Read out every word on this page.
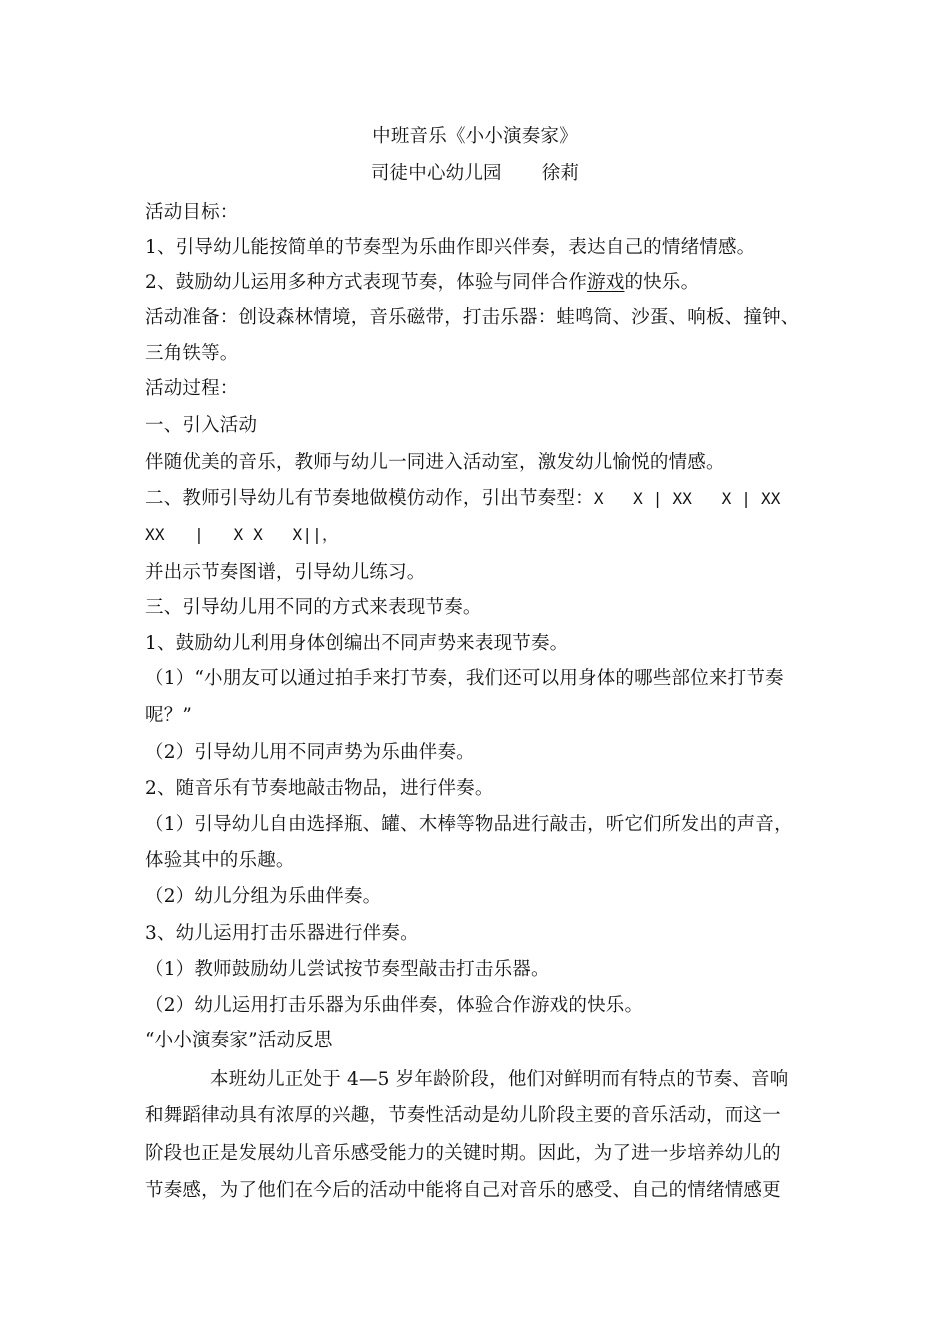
中班音乐《小小演奏家》
司徒中心幼儿园 徐莉
活动目标：
1、引导幼儿能按简单的节奏型为乐曲作即兴伴奏，表达自己的情绪情感。
2、鼓励幼儿运用多种方式表现节奏，体验与同伴合作游戏的快乐。
活动准备：创设森林情境，音乐磁带，打击乐器：蛙鸣筒、沙蛋、响板、撞钟、
三角铁等。
活动过程：
一、引入活动
伴随优美的音乐，教师与幼儿一同进入活动室，激发幼儿愉悦的情感。
二、教师引导幼儿有节奏地做模仿动作，引出节奏型：X   X | XX   X | XX
XX   |   X X   X||，
并出示节奏图谱，引导幼儿练习。
三、引导幼儿用不同的方式来表现节奏。
1、鼓励幼儿利用身体创编出不同声势来表现节奏。
（1）“小朋友可以通过拍手来打节奏，我们还可以用身体的哪些部位来打节奏
呢？”
（2）引导幼儿用不同声势为乐曲伴奏。
2、随音乐有节奏地敲击物品，进行伴奏。
（1）引导幼儿自由选择瓶、罐、木棒等物品进行敲击，听它们所发出的声音，
体验其中的乐趣。
（2）幼儿分组为乐曲伴奏。
3、幼儿运用打击乐器进行伴奏。
（1）教师鼓励幼儿尝试按节奏型敲击打击乐器。
（2）幼儿运用打击乐器为乐曲伴奏，体验合作游戏的快乐。
“小小演奏家”活动反思
本班幼儿正处于 4—5 岁年龄阶段，他们对鲜明而有特点的节奏、音响
和舞蹈律动具有浓厚的兴趣，节奏性活动是幼儿阶段主要的音乐活动，而这一
阶段也正是发展幼儿音乐感受能力的关键时期。因此，为了进一步培养幼儿的
节奏感，为了他们在今后的活动中能将自己对音乐的感受、自己的情绪情感更
